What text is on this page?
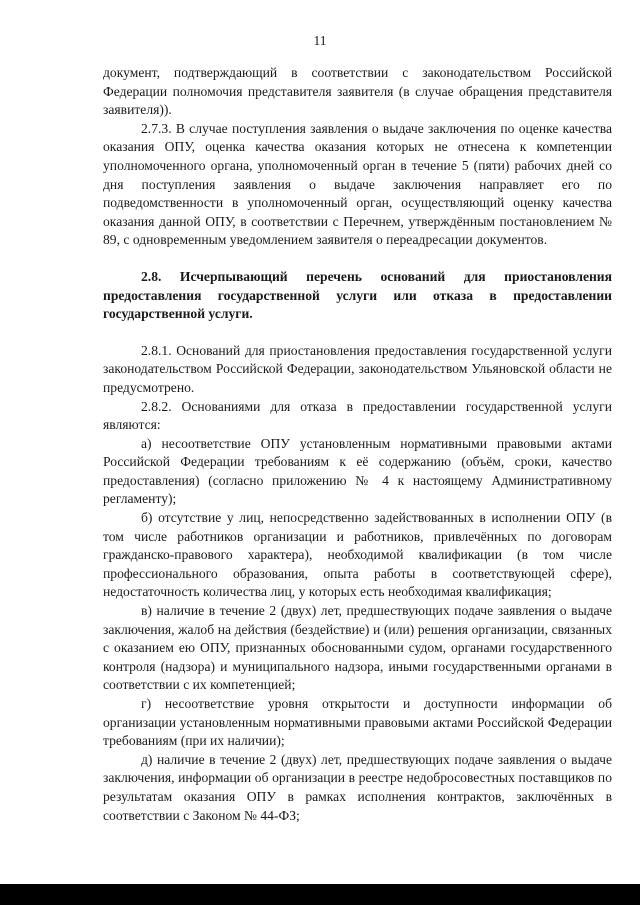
11

документ, подтверждающий в соответствии с законодательством Российской Федерации полномочия представителя заявителя (в случае обращения представителя заявителя)).

2.7.3. В случае поступления заявления о выдаче заключения по оценке качества оказания ОПУ, оценка качества оказания которых не отнесена к компетенции уполномоченного органа, уполномоченный орган в течение 5 (пяти) рабочих дней со дня поступления заявления о выдаче заключения направляет его по подведомственности в уполномоченный орган, осуществляющий оценку качества оказания данной ОПУ, в соответствии с Перечнем, утверждённым постановлением № 89, с одновременным уведомлением заявителя о переадресации документов.

2.8. Исчерпывающий перечень оснований для приостановления предоставления государственной услуги или отказа в предоставлении государственной услуги.

2.8.1. Оснований для приостановления предоставления государственной услуги законодательством Российской Федерации, законодательством Ульяновской области не предусмотрено.

2.8.2. Основаниями для отказа в предоставлении государственной услуги являются:

а) несоответствие ОПУ установленным нормативными правовыми актами Российской Федерации требованиям к её содержанию (объём, сроки, качество предоставления) (согласно приложению № 4 к настоящему Административному регламенту);

б) отсутствие у лиц, непосредственно задействованных в исполнении ОПУ (в том числе работников организации и работников, привлечённых по договорам гражданско-правового характера), необходимой квалификации (в том числе профессионального образования, опыта работы в соответствующей сфере), недостаточность количества лиц, у которых есть необходимая квалификация;

в) наличие в течение 2 (двух) лет, предшествующих подаче заявления о выдаче заключения, жалоб на действия (бездействие) и (или) решения организации, связанных с оказанием ею ОПУ, признанных обоснованными судом, органами государственного контроля (надзора) и муниципального надзора, иными государственными органами в соответствии с их компетенцией;

г) несоответствие уровня открытости и доступности информации об организации установленным нормативными правовыми актами Российской Федерации требованиям (при их наличии);

д) наличие в течение 2 (двух) лет, предшествующих подаче заявления о выдаче заключения, информации об организации в реестре недобросовестных поставщиков по результатам оказания ОПУ в рамках исполнения контрактов, заключённых в соответствии с Законом № 44-ФЗ;
